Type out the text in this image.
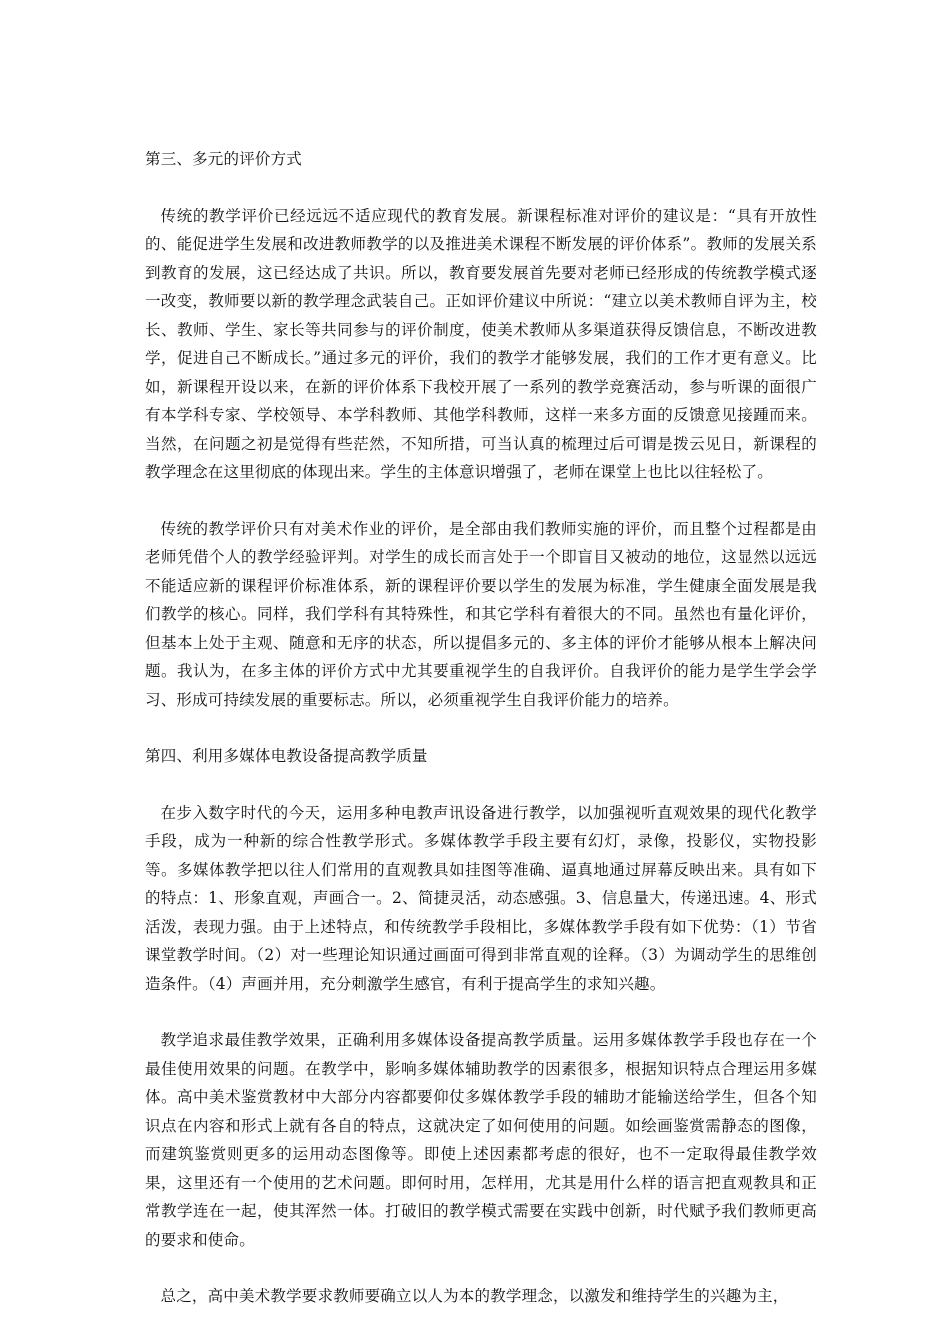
第三、多元的评价方式

传统的教学评价已经远远不适应现代的教育发展。新课程标准对评价的建议是：“具有开放性的、能促进学生发展和改进教师教学的以及推进美术课程不断发展的评价体系”。教师的发展关系到教育的发展，这已经达成了共识。所以，教育要发展首先要对老师已经形成的传统教学模式逐一改变，教师要以新的教学理念武装自己。正如评价建议中所说：“建立以美术教师自评为主，校长、教师、学生、家长等共同参与的评价制度，使美术教师从多渠道获得反馈信息，不断改进教学，促进自己不断成长。”通过多元的评价，我们的教学才能够发展，我们的工作才更有意义。比如，新课程开设以来，在新的评价体系下我校开展了一系列的教学竞赛活动，参与听课的面很广有本学科专家、学校领导、本学科教师、其他学科教师，这样一来多方面的反馈意见接踵而来。当然，在问题之初是觉得有些茫然，不知所措，可当认真的梳理过后可谓是拨云见日，新课程的教学理念在这里彻底的体现出来。学生的主体意识增强了，老师在课堂上也比以往轻松了。

传统的教学评价只有对美术作业的评价，是全部由我们教师实施的评价，而且整个过程都是由老师凭借个人的教学经验评判。对学生的成长而言处于一个即盲目又被动的地位，这显然以远远不能适应新的课程评价标准体系，新的课程评价要以学生的发展为标准，学生健康全面发展是我们教学的核心。同样，我们学科有其特殊性，和其它学科有着很大的不同。虽然也有量化评价，但基本上处于主观、随意和无序的状态，所以提倡多元的、多主体的评价才能够从根本上解决问题。我认为，在多主体的评价方式中尤其要重视学生的自我评价。自我评价的能力是学生学会学习、形成可持续发展的重要标志。所以，必须重视学生自我评价能力的培养。

第四、利用多媒体电教设备提高教学质量

在步入数字时代的今天，运用多种电教声讯设备进行教学，以加强视听直观效果的现代化教学手段，成为一种新的综合性教学形式。多媒体教学手段主要有幻灯，录像，投影仪，实物投影等。多媒体教学把以往人们常用的直观教具如挂图等准确、逼真地通过屏幕反映出来。具有如下的特点：1、形象直观，声画合一。2、简捷灵活，动态感强。3、信息量大，传递迅速。4、形式活泼，表现力强。由于上述特点，和传统教学手段相比，多媒体教学手段有如下优势：（1）节省课堂教学时间。（2）对一些理论知识通过画面可得到非常直观的诠释。（3）为调动学生的思维创造条件。（4）声画并用，充分刺激学生感官，有利于提高学生的求知兴趣。

教学追求最佳教学效果，正确利用多媒体设备提高教学质量。运用多媒体教学手段也存在一个最佳使用效果的问题。在教学中，影响多媒体辅助教学的因素很多，根据知识特点合理运用多媒体。高中美术鉴赏教材中大部分内容都要仰仗多媒体教学手段的辅助才能输送给学生，但各个知识点在内容和形式上就有各自的特点，这就决定了如何使用的问题。如绘画鉴赏需静态的图像，而建筑鉴赏则更多的运用动态图像等。即使上述因素都考虑的很好，也不一定取得最佳教学效果，这里还有一个使用的艺术问题。即何时用，怎样用，尤其是用什么样的语言把直观教具和正常教学连在一起，使其浑然一体。打破旧的教学模式需要在实践中创新，时代赋予我们教师更高的要求和使命。

总之，高中美术教学要求教师要确立以人为本的教学理念，以激发和维持学生的兴趣为主，
